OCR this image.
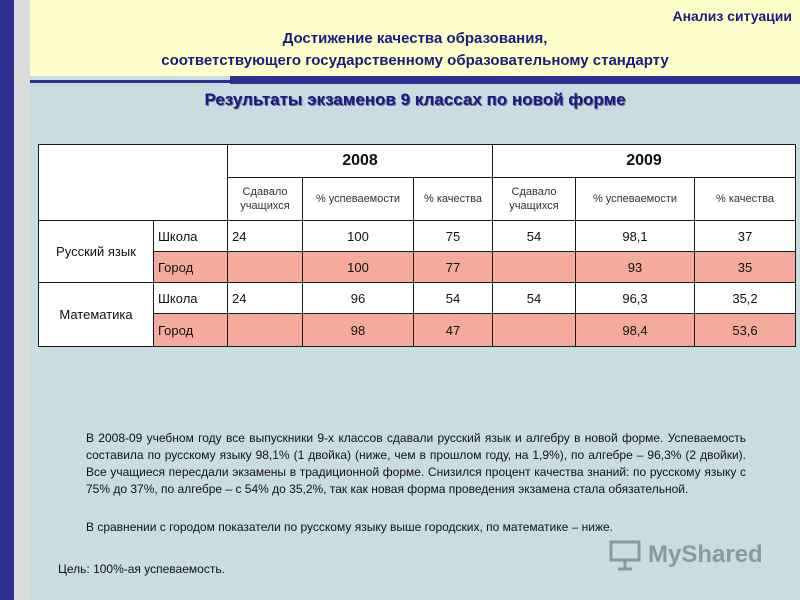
Анализ ситуации
Достижение качества образования,
соответствующего государственному образовательному стандарту
Результаты экзаменов 9 классах по новой форме
		2008			2009		
		Сдавало учащихся	% успеваемости	% качества	Сдавало учащихся	% успеваемости	% качества
Русский язык	Школа	24	100	75	54	98,1	37
	Город		100	77		93	35
Математика	Школа	24	96	54	54	96,3	35,2
	Город		98	47		98,4	53,6
В 2008-09 учебном году все выпускники 9-х классов сдавали русский язык и алгебру в новой форме. Успеваемость составила по русскому языку 98,1% (1 двойка) (ниже, чем в прошлом году, на 1,9%), по алгебре – 96,3% (2 двойки). Все учащиеся пересдали экзамены в традиционной форме. Снизился процент качества знаний: по русскому языку с 75% до 37%, по алгебре – с 54% до 35,2%, так как новая форма проведения экзамена стала обязательной.
В сравнении с городом показатели по русскому языку выше городских, по математике – ниже.
Цель: 100%-ая успеваемость.
MyShared
